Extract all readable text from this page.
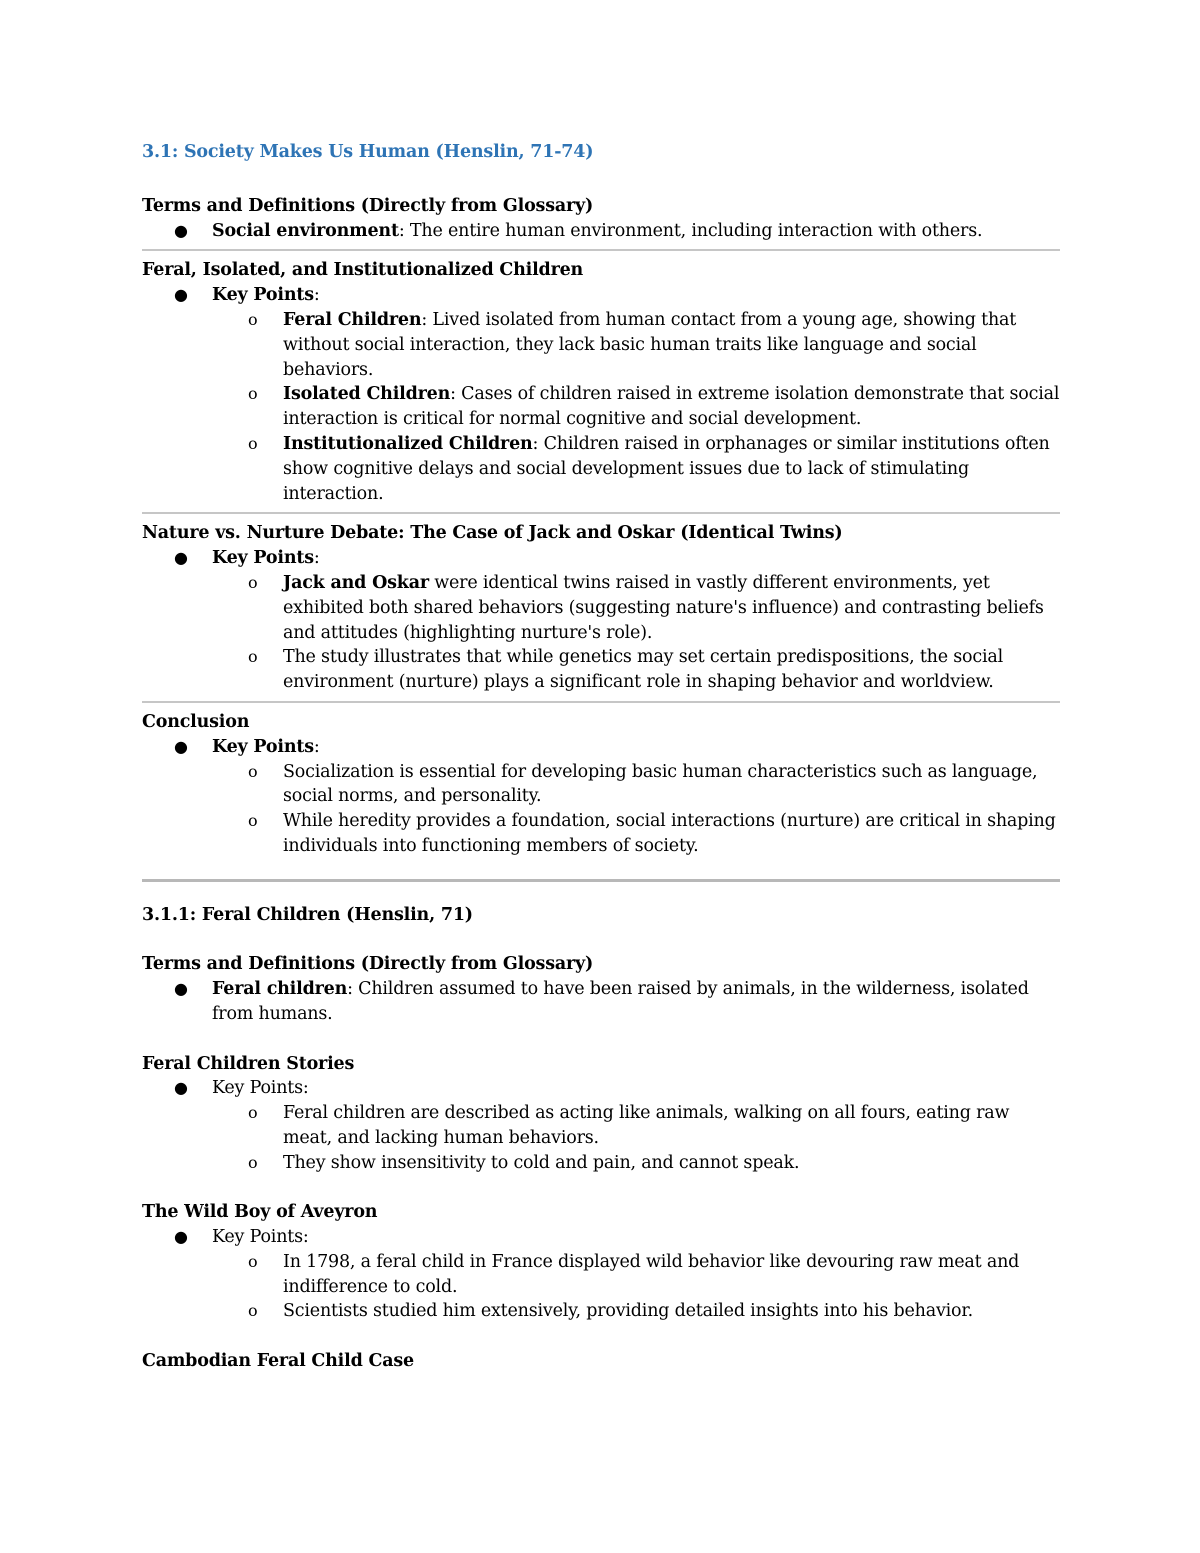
3.1: Society Makes Us Human (Henslin, 71-74)

Terms and Definitions (Directly from Glossary)

● Social environment: The entire human environment, including interaction with others.

Feral, Isolated, and Institutionalized Children

● Key Points:
o Feral Children: Lived isolated from human contact from a young age, showing that without social interaction, they lack basic human traits like language and social behaviors.
o Isolated Children: Cases of children raised in extreme isolation demonstrate that social interaction is critical for normal cognitive and social development.
o Institutionalized Children: Children raised in orphanages or similar institutions often show cognitive delays and social development issues due to lack of stimulating interaction.

Nature vs. Nurture Debate: The Case of Jack and Oskar (Identical Twins)

● Key Points:
o Jack and Oskar were identical twins raised in vastly different environments, yet exhibited both shared behaviors (suggesting nature's influence) and contrasting beliefs and attitudes (highlighting nurture's role).
o The study illustrates that while genetics may set certain predispositions, the social environment (nurture) plays a significant role in shaping behavior and worldview.

Conclusion

● Key Points:
o Socialization is essential for developing basic human characteristics such as language, social norms, and personality.
o While heredity provides a foundation, social interactions (nurture) are critical in shaping individuals into functioning members of society.

3.1.1: Feral Children (Henslin, 71)

Terms and Definitions (Directly from Glossary)

● Feral children: Children assumed to have been raised by animals, in the wilderness, isolated from humans.

Feral Children Stories

● Key Points:
o Feral children are described as acting like animals, walking on all fours, eating raw meat, and lacking human behaviors.
o They show insensitivity to cold and pain, and cannot speak.

The Wild Boy of Aveyron

● Key Points:
o In 1798, a feral child in France displayed wild behavior like devouring raw meat and indifference to cold.
o Scientists studied him extensively, providing detailed insights into his behavior.

Cambodian Feral Child Case
